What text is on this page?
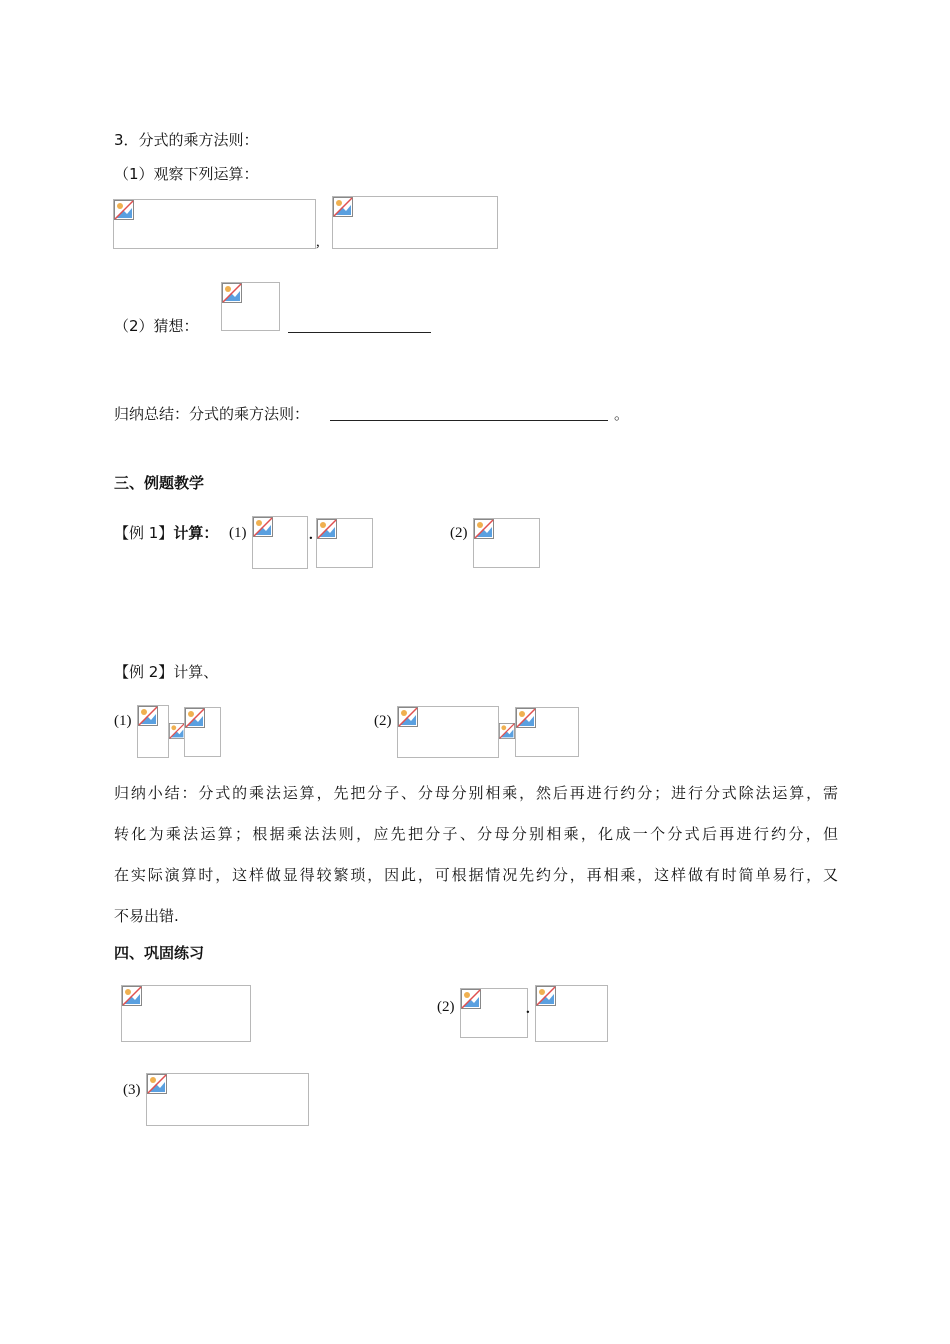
3．分式的乘方法则：
（1）观察下列运算：
,
（2）猜想：
归纳总结：分式的乘方法则：	。
三、例题教学
【例 1】计算： (1)	.	(2)
【例 2】计算、
(1)	(2)
归纳小结：分式的乘法运算，先把分子、分母分别相乘，然后再进行约分；进行分式除法运算，需
转化为乘法运算；根据乘法法则，应先把分子、分母分别相乘，化成一个分式后再进行约分，但
在实际演算时，这样做显得较繁琐，因此，可根据情况先约分，再相乘，这样做有时简单易行，又
不易出错.
四、巩固练习
(2)	.
(3)
